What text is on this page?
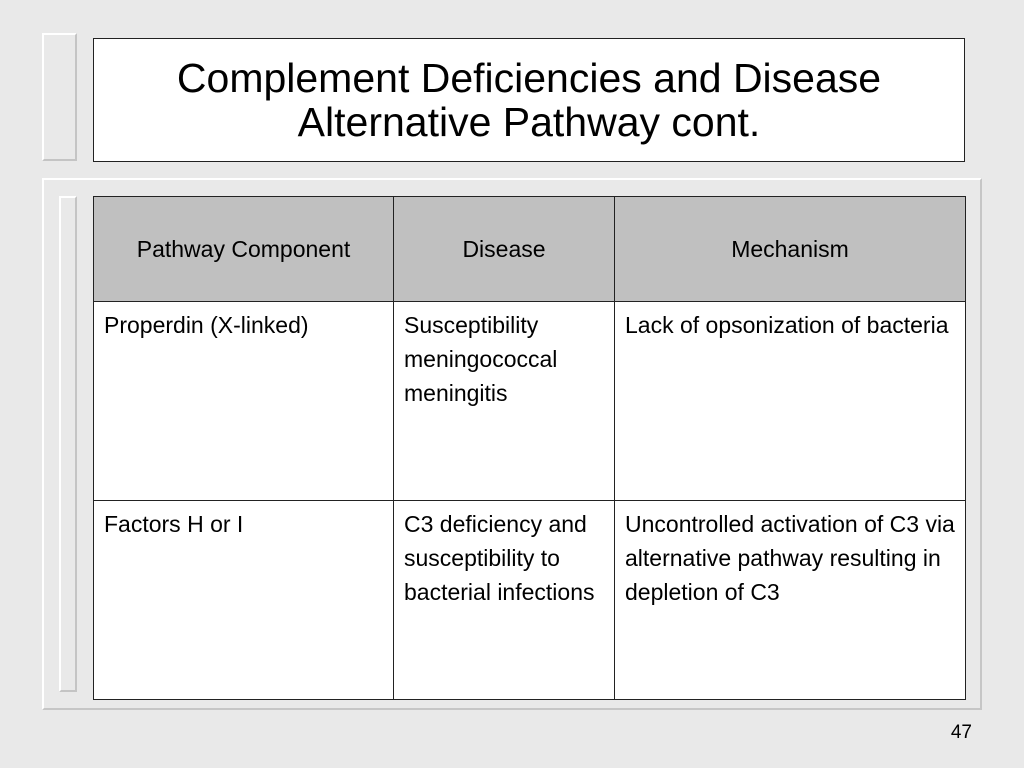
Complement Deficiencies and Disease
Alternative Pathway cont.
Pathway Component	Disease	Mechanism
Properdin (X-linked)	Susceptibility meningococcal meningitis	Lack of opsonization of bacteria
Factors H or I	C3 deficiency and susceptibility to bacterial infections	Uncontrolled activation of C3 via alternative pathway resulting in depletion of C3
47
